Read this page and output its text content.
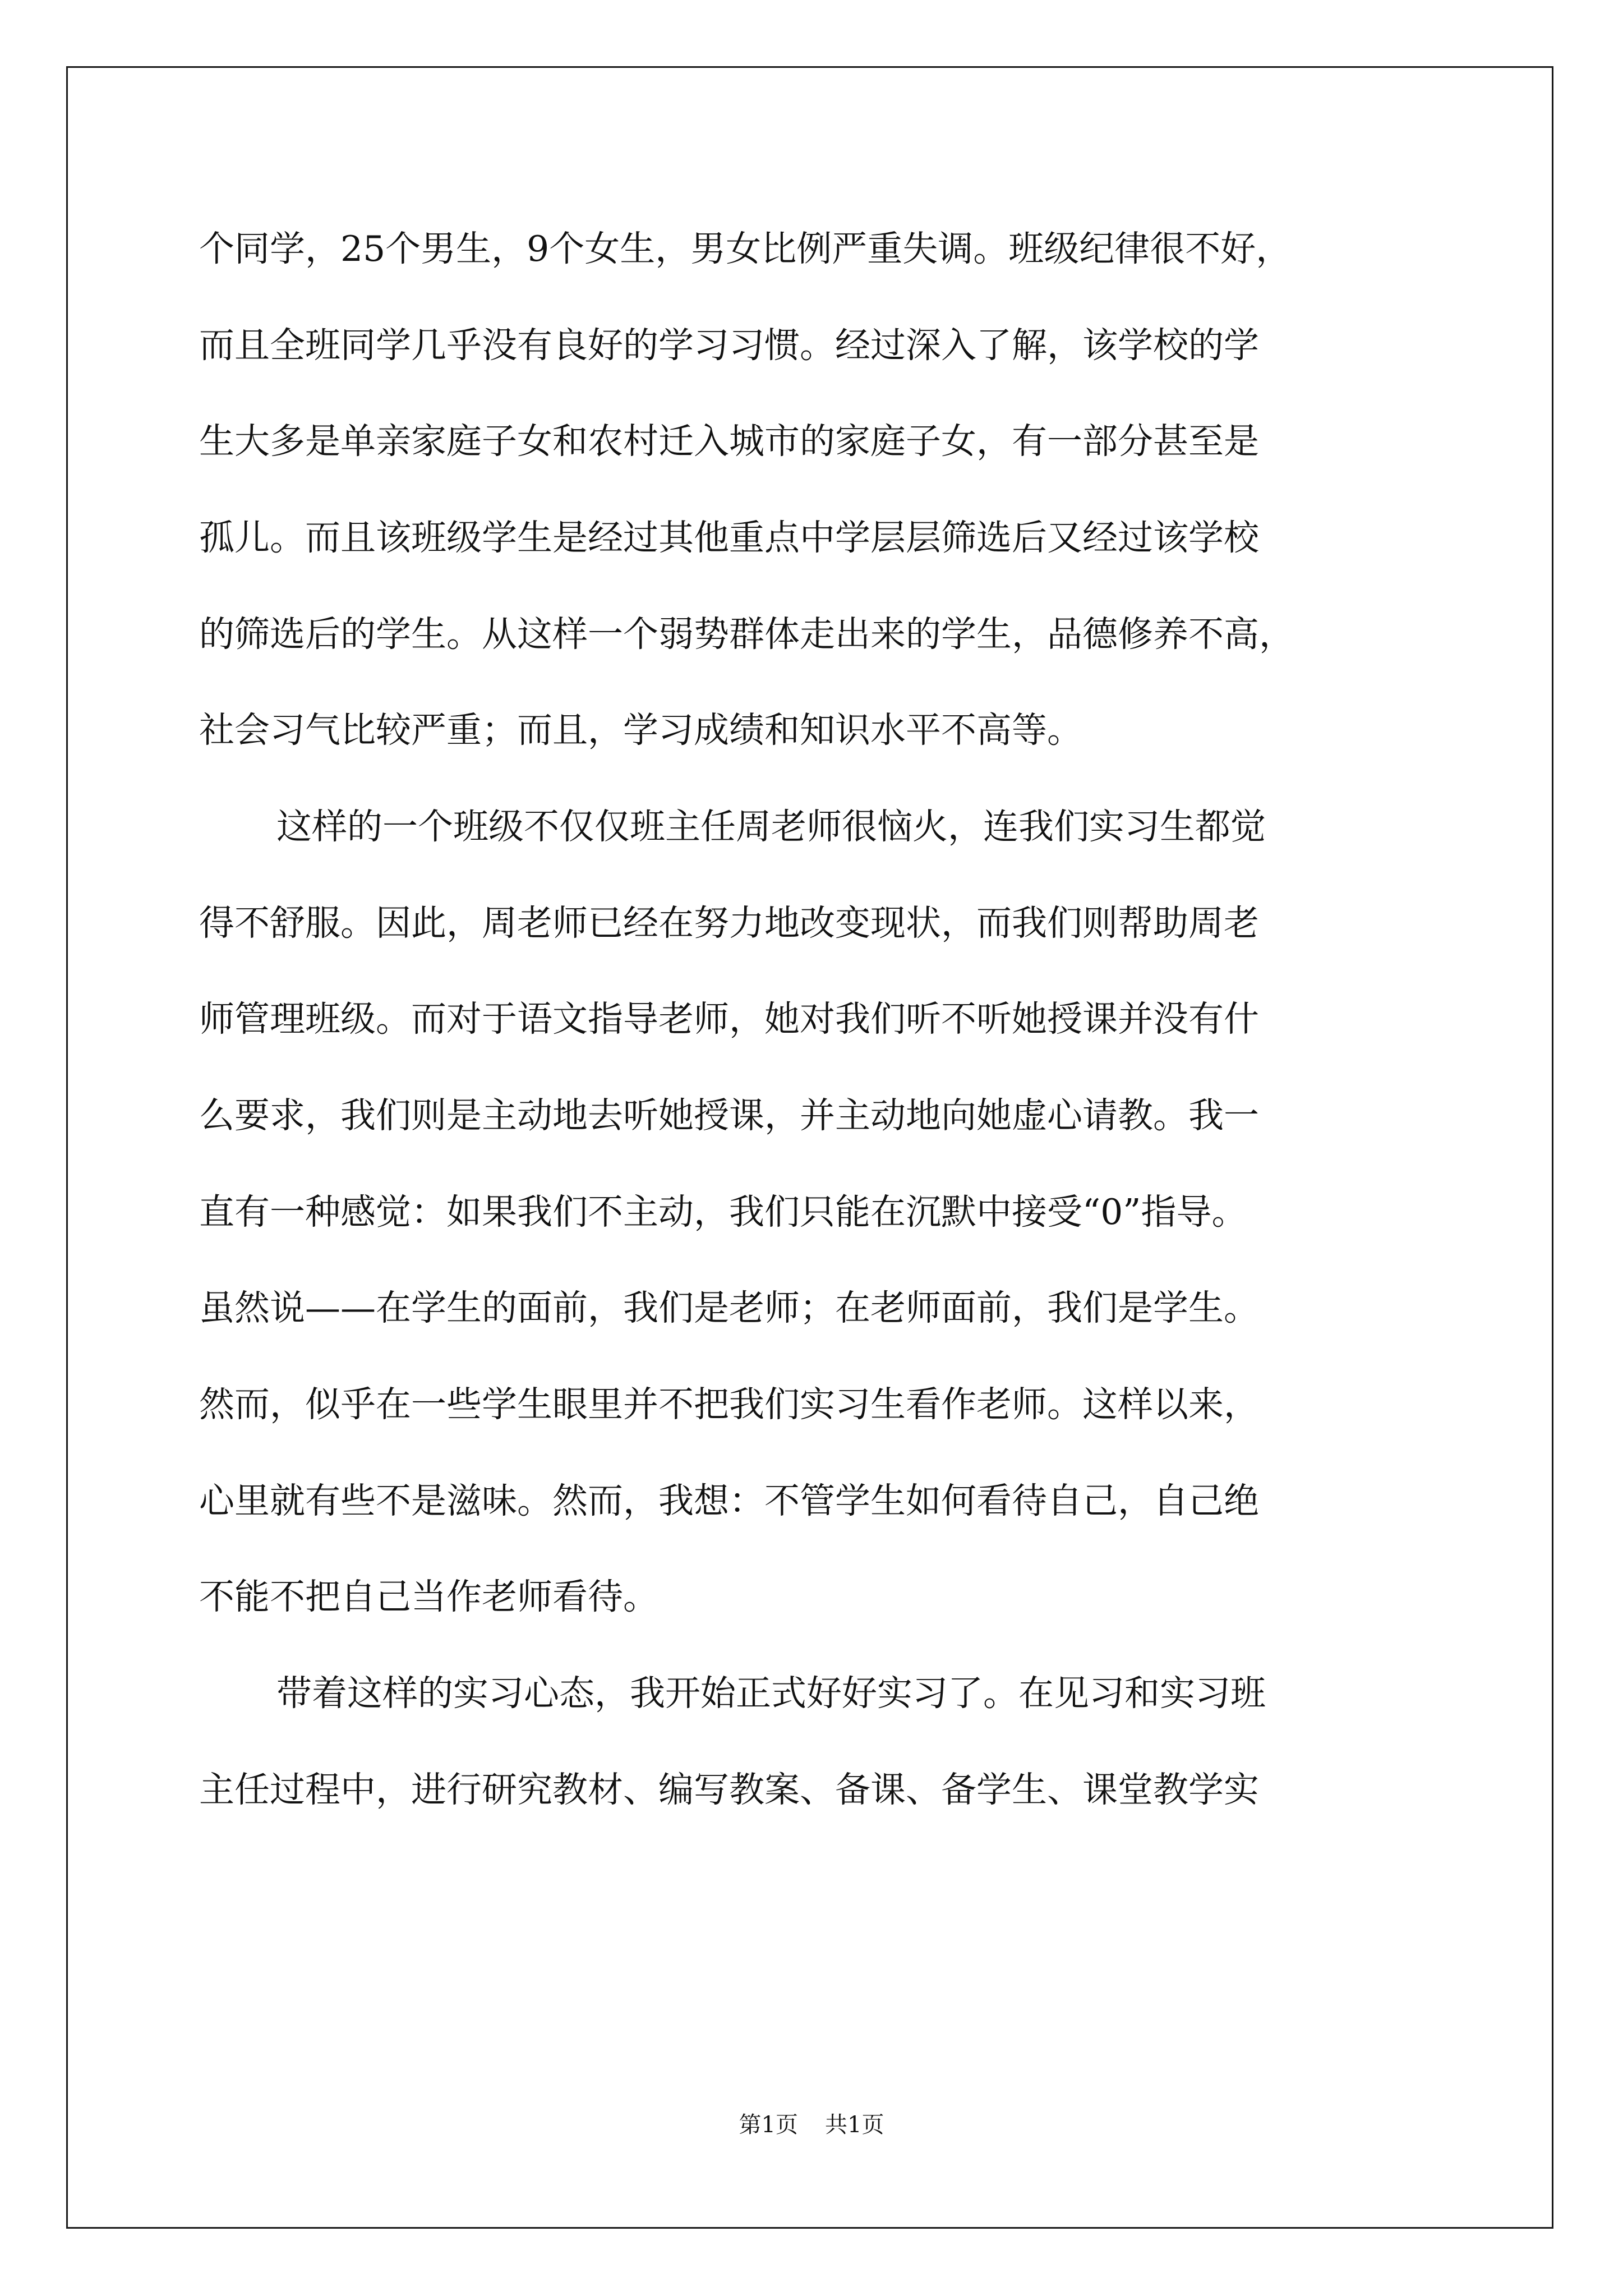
个同学，25个男生，9个女生，男女比例严重失调。班级纪律很不好，
而且全班同学几乎没有良好的学习习惯。经过深入了解，该学校的学
生大多是单亲家庭子女和农村迁入城市的家庭子女，有一部分甚至是
孤儿。而且该班级学生是经过其他重点中学层层筛选后又经过该学校
的筛选后的学生。从这样一个弱势群体走出来的学生，品德修养不高，
社会习气比较严重；而且，学习成绩和知识水平不高等。
这样的一个班级不仅仅班主任周老师很恼火，连我们实习生都觉
得不舒服。因此，周老师已经在努力地改变现状，而我们则帮助周老
师管理班级。而对于语文指导老师，她对我们听不听她授课并没有什
么要求，我们则是主动地去听她授课，并主动地向她虚心请教。我一
直有一种感觉：如果我们不主动，我们只能在沉默中接受“0”指导。
虽然说——在学生的面前，我们是老师；在老师面前，我们是学生。
然而，似乎在一些学生眼里并不把我们实习生看作老师。这样以来，
心里就有些不是滋味。然而，我想：不管学生如何看待自己，自己绝
不能不把自己当作老师看待。
带着这样的实习心态，我开始正式好好实习了。在见习和实习班
主任过程中，进行研究教材、编写教案、备课、备学生、课堂教学实
第1页 共1页
